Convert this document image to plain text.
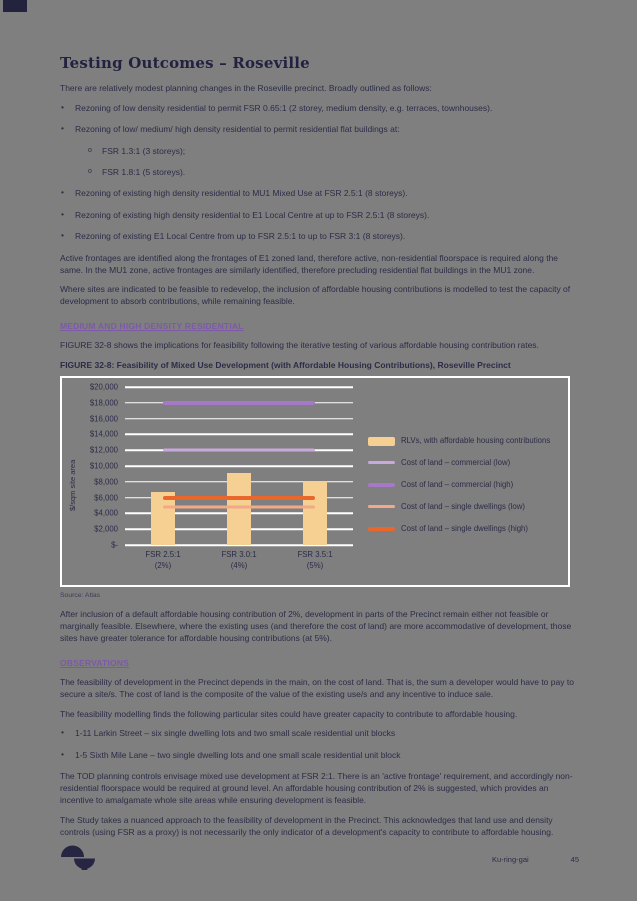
Testing Outcomes – Roseville

There are relatively modest planning changes in the Roseville precinct. Broadly outlined as follows:

• Rezoning of low density residential to permit FSR 0.65:1 (2 storey, medium density, e.g. terraces, townhouses).
• Rezoning of low/ medium/ high density residential to permit residential flat buildings at:
o FSR 1.3:1 (3 storeys);
o FSR 1.8:1 (5 storeys).
• Rezoning of existing high density residential to MU1 Mixed Use at FSR 2.5:1 (8 storeys).
• Rezoning of existing high density residential to E1 Local Centre at up to FSR 2.5:1 (8 storeys).
• Rezoning of existing E1 Local Centre from up to FSR 2.5:1 to up to FSR 3:1 (8 storeys).

Active frontages are identified along the frontages of E1 zoned land, therefore active, non-residential floorspace is required along the same. In the MU1 zone, active frontages are similarly identified, therefore precluding residential flat buildings in the MU1 zone.

Where sites are indicated to be feasible to redevelop, the inclusion of affordable housing contributions is modelled to test the capacity of development to absorb contributions, while remaining feasible.

MEDIUM AND HIGH DENSITY RESIDENTIAL

FIGURE 32-8 shows the implications for feasibility following the iterative testing of various affordable housing contribution rates.

FIGURE 32-8: Feasibility of Mixed Use Development (with Affordable Housing Contributions), Roseville Precinct
$/sqm site area
$20,000
$18,000
$16,000
$14,000
$12,000
$10,000
$8,000
$6,000
$4,000
$2,000
$-
FSR 2.5:1
(2%)
FSR 3.0:1
(4%)
FSR 3.5:1
(5%)
RLVs, with affordable housing contributions
Cost of land – commercial (low)
Cost of land – commercial (high)
Cost of land – single dwellings (low)
Cost of land – single dwellings (high)
Source: Atlas

After inclusion of a default affordable housing contribution of 2%, development in parts of the Precinct remain either not feasible or marginally feasible. Elsewhere, where the existing uses (and therefore the cost of land) are more accommodative of development, those sites have greater tolerance for affordable housing contributions (at 5%).

OBSERVATIONS

The feasibility of development in the Precinct depends in the main, on the cost of land. That is, the sum a developer would have to pay to secure a site/s. The cost of land is the composite of the value of the existing use/s and any incentive to induce sale.

The feasibility modelling finds the following particular sites could have greater capacity to contribute to affordable housing.

• 1-11 Larkin Street – six single dwelling lots and two small scale residential unit blocks
• 1-5 Sixth Mile Lane – two single dwelling lots and one small scale residential unit block

The TOD planning controls envisage mixed use development at FSR 2:1. There is an 'active frontage' requirement, and accordingly non-residential floorspace would be required at ground level. An affordable housing contribution of 2% is suggested, which provides an incentive to amalgamate whole site areas while ensuring development is feasible.

The Study takes a nuanced approach to the feasibility of development in the Precinct. This acknowledges that land use and density controls (using FSR as a proxy) is not necessarily the only indicator of a development's capacity to contribute to affordable housing.

Ku-ring-gai	45
